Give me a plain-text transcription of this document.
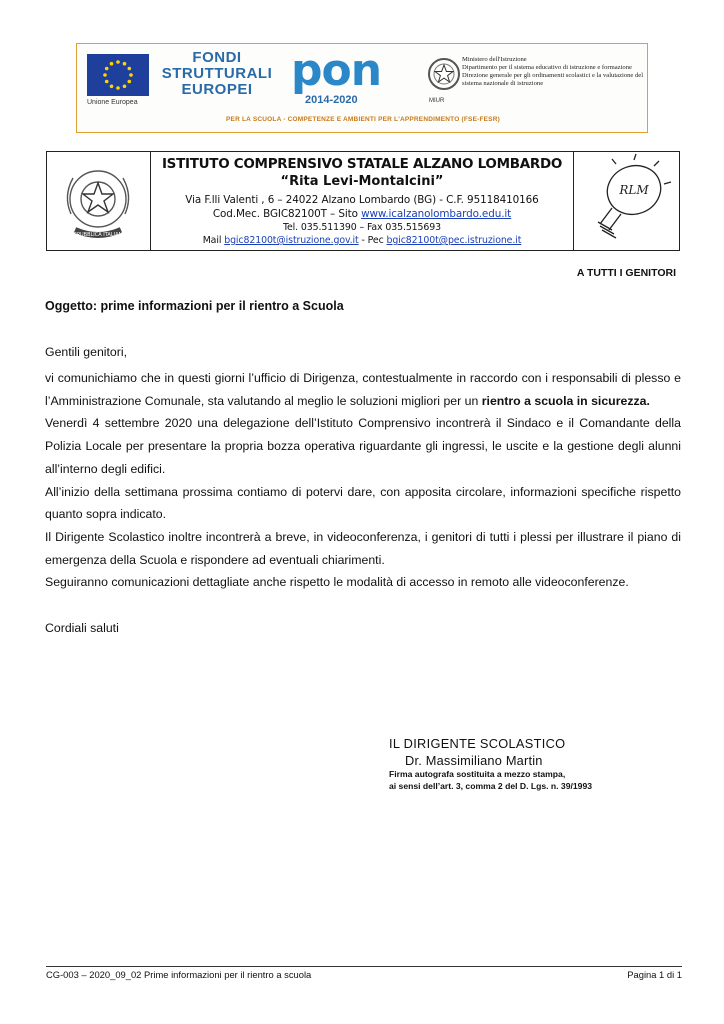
Unione Europea
FONDI
STRUTTURALI
EUROPEI pon
2014-2020	MIUR
Ministero dell'Istruzione
Dipartimento per il sistema educativo di istruzione e formazione
Direzione generale per gli ordinamenti scolastici e la valutazione del sistema nazionale di istruzione
PER LA SCUOLA - COMPETENZE E AMBIENTI PER L'APPRENDIMENTO (FSE-FESR)
REPUBBLICA ITALIANA
ISTITUTO COMPRENSIVO STATALE ALZANO LOMBARDO
“Rita Levi-Montalcini”
Via F.lli Valenti , 6 – 24022 Alzano Lombardo (BG) - C.F. 95118410166
Cod.Mec. BGIC82100T – Sito www.icalzanolombardo.edu.it
Tel. 035.511390 – Fax 035.515693
Mail bgic82100t@istruzione.gov.it - Pec bgic82100t@pec.istruzione.it
RLM
A TUTTI I GENITORI
Oggetto: prime informazioni per il rientro a Scuola
Gentili genitori,

vi comunichiamo che in questi giorni l’ufficio di Dirigenza, contestualmente in raccordo con i responsabili di plesso e l’Amministrazione Comunale, sta valutando al meglio le soluzioni migliori per un rientro a scuola in sicurezza.

Venerdì 4 settembre 2020 una delegazione dell’Istituto Comprensivo incontrerà il Sindaco e il Comandante della Polizia Locale per presentare la propria bozza operativa riguardante gli ingressi, le uscite e la gestione degli alunni all’interno degli edifici.

All’inizio della settimana prossima contiamo di potervi dare, con apposita circolare, informazioni specifiche rispetto quanto sopra indicato.

Il Dirigente Scolastico inoltre incontrerà a breve, in videoconferenza, i genitori di tutti i plessi per illustrare il piano di emergenza della Scuola e rispondere ad eventuali chiarimenti.

Seguiranno comunicazioni dettagliate anche rispetto le modalità di accesso in remoto alle videoconferenze.

Cordiali saluti
IL DIRIGENTE SCOLASTICO
Dr. Massimiliano Martin
Firma autografa sostituita a mezzo stampa,
ai sensi dell’art. 3, comma 2 del D. Lgs. n. 39/1993
CG-003 – 2020_09_02 Prime informazioni per il rientro a scuola	Pagina 1 di 1
